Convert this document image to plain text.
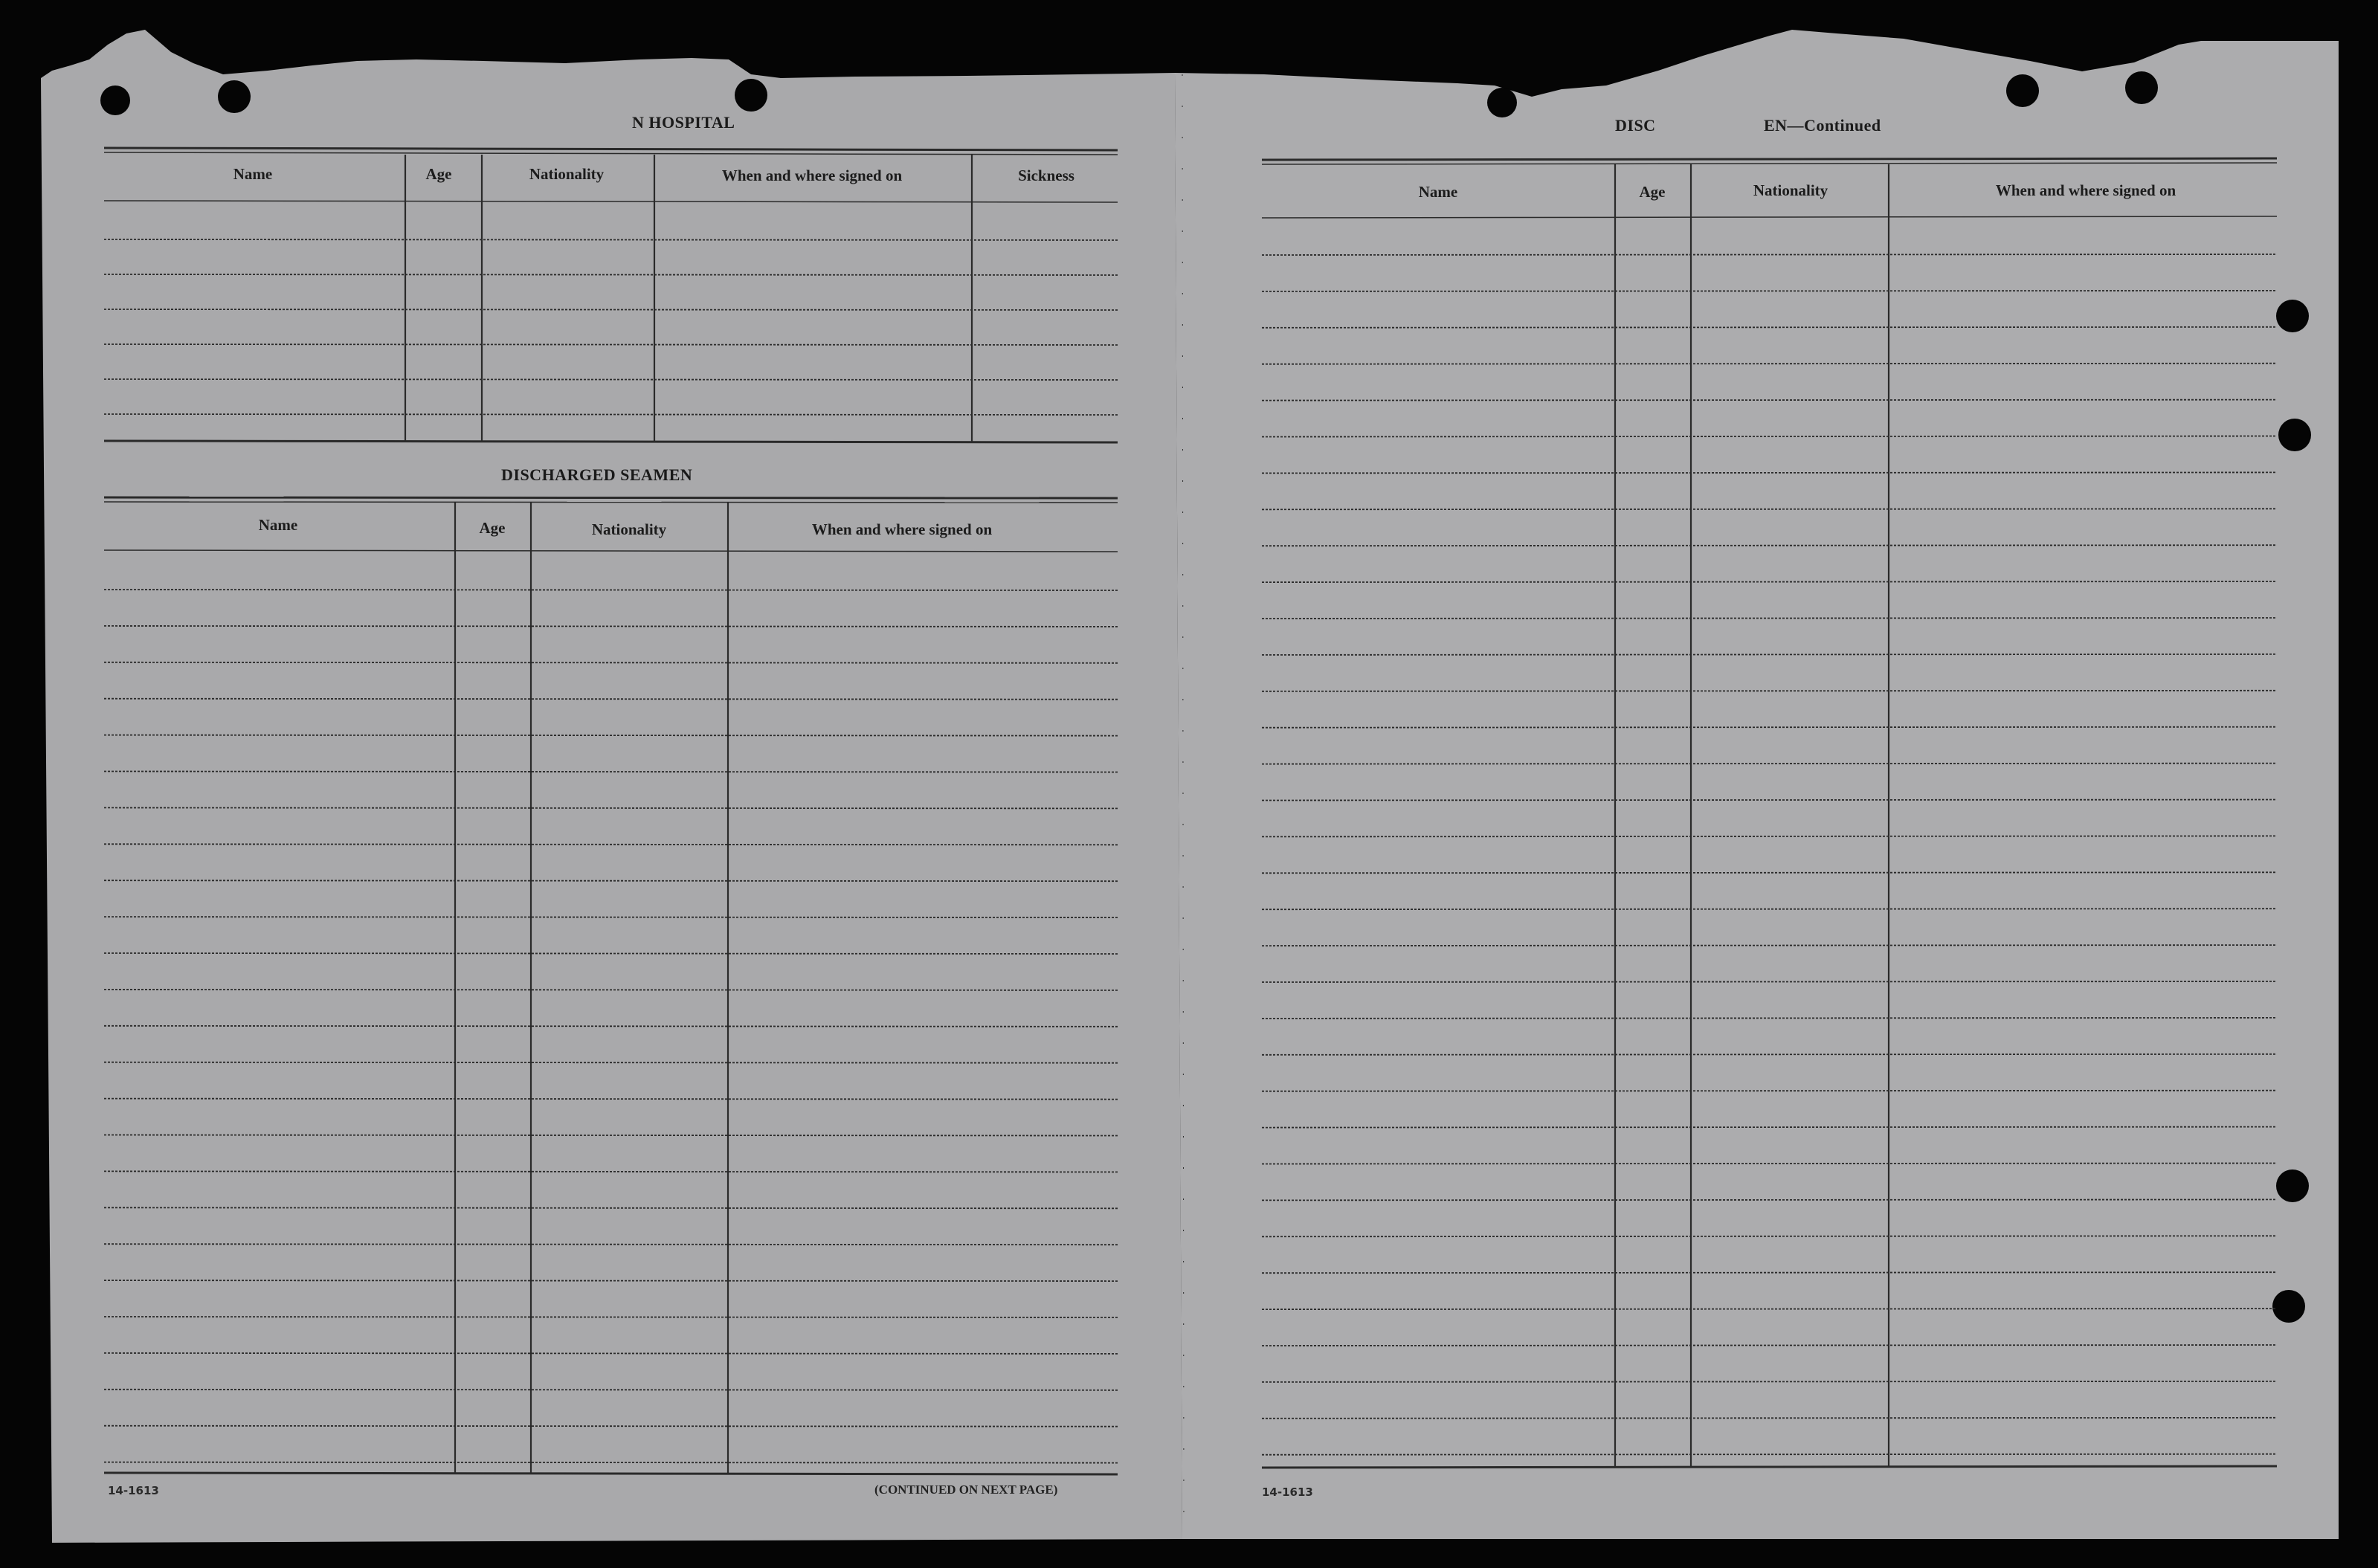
N HOSPITAL
Name	Age	Nationality	When and where signed on	Sickness
DISCHARGED SEAMEN
Name	Age	Nationality	When and where signed on
14-1613	(CONTINUED ON NEXT PAGE)
DISC	EN—Continued
Name	Age	Nationality	When and where signed on
14-1613
